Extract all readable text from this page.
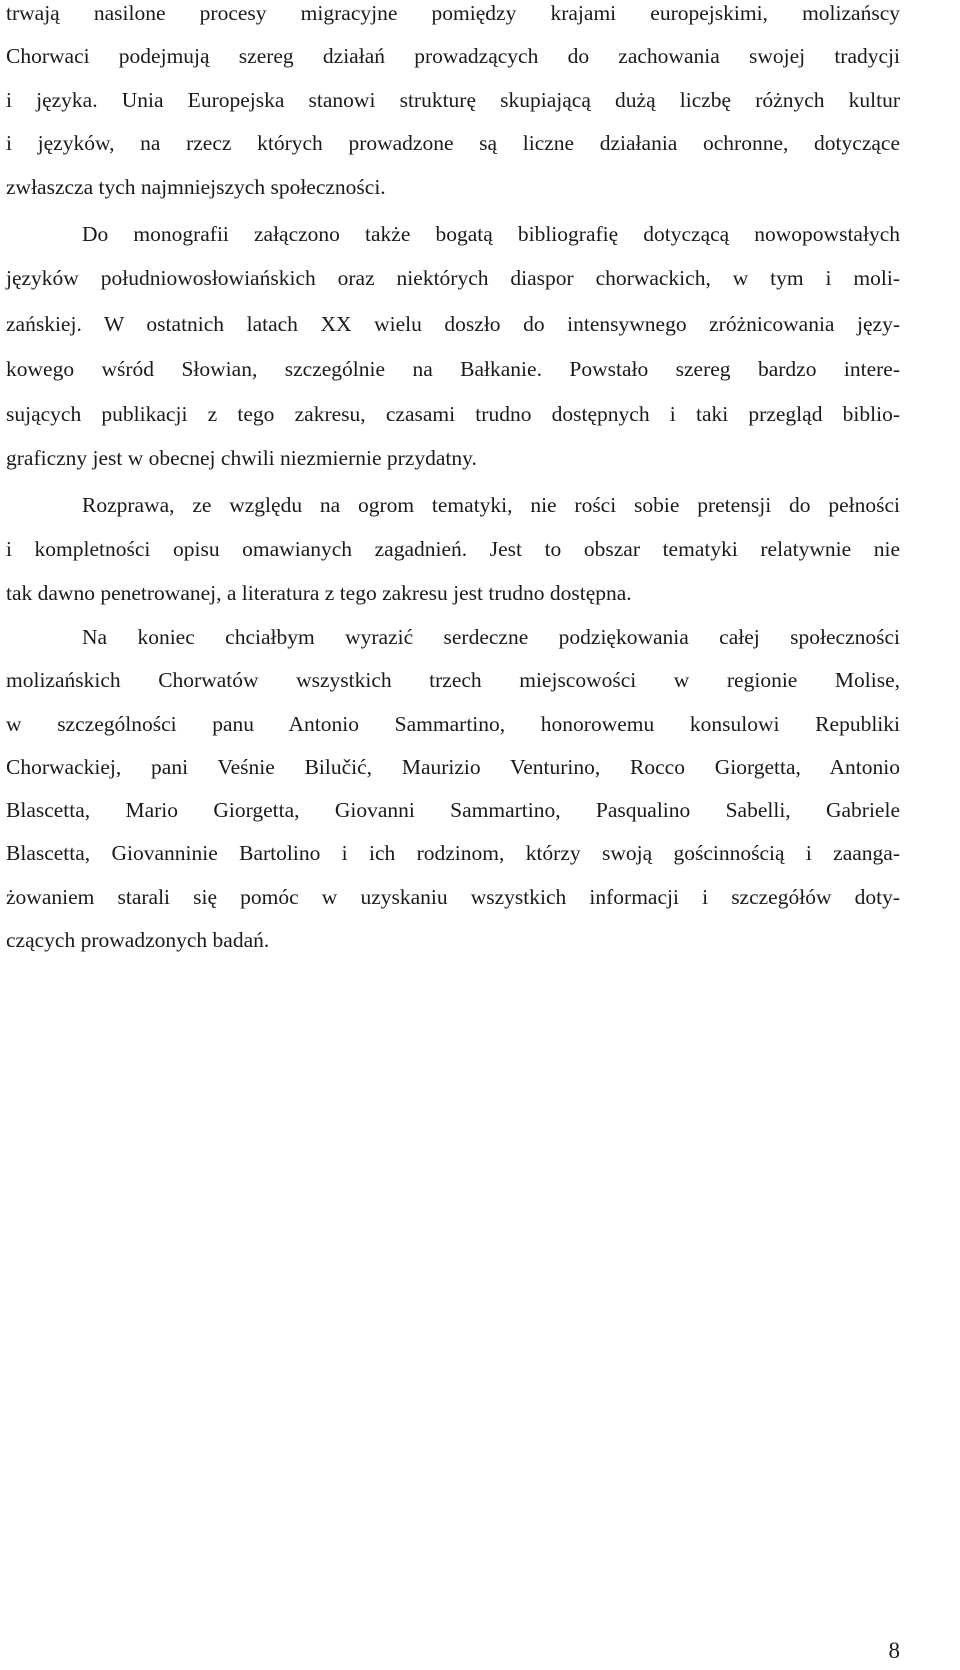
trwają nasilone procesy migracyjne pomiędzy krajami europejskimi, molizańscy
Chorwaci podejmują szereg działań prowadzących do zachowania swojej tradycji
i języka. Unia Europejska stanowi strukturę skupiającą dużą liczbę różnych kultur
i języków, na rzecz których prowadzone są liczne działania ochronne, dotyczące
zwłaszcza tych najmniejszych społeczności.
Do monografii załączono także bogatą bibliografię dotyczącą nowopowstałych
języków południowosłowiańskich oraz niektórych diaspor chorwackich, w tym i moli-
zańskiej. W ostatnich latach XX wielu doszło do intensywnego zróżnicowania języ-
kowego wśród Słowian, szczególnie na Bałkanie. Powstało szereg bardzo intere-
sujących publikacji z tego zakresu, czasami trudno dostępnych i taki przegląd biblio-
graficzny jest w obecnej chwili niezmiernie przydatny.
Rozprawa, ze względu na ogrom tematyki, nie rości sobie pretensji do pełności
i kompletności opisu omawianych zagadnień. Jest to obszar tematyki relatywnie nie
tak dawno penetrowanej, a literatura z tego zakresu jest trudno dostępna.
Na koniec chciałbym wyrazić serdeczne podziękowania całej społeczności
molizańskich Chorwatów wszystkich trzech miejscowości w regionie Molise,
w szczególności panu Antonio Sammartino, honorowemu konsulowi Republiki
Chorwackiej, pani Veśnie Bilučić, Maurizio Venturino, Rocco Giorgetta, Antonio
Blascetta, Mario Giorgetta, Giovanni Sammartino, Pasqualino Sabelli, Gabriele
Blascetta, Giovanninie Bartolino i ich rodzinom, którzy swoją gościnnością i zaanga-
żowaniem starali się pomóc w uzyskaniu wszystkich informacji i szczegółów doty-
czących prowadzonych badań.
8
